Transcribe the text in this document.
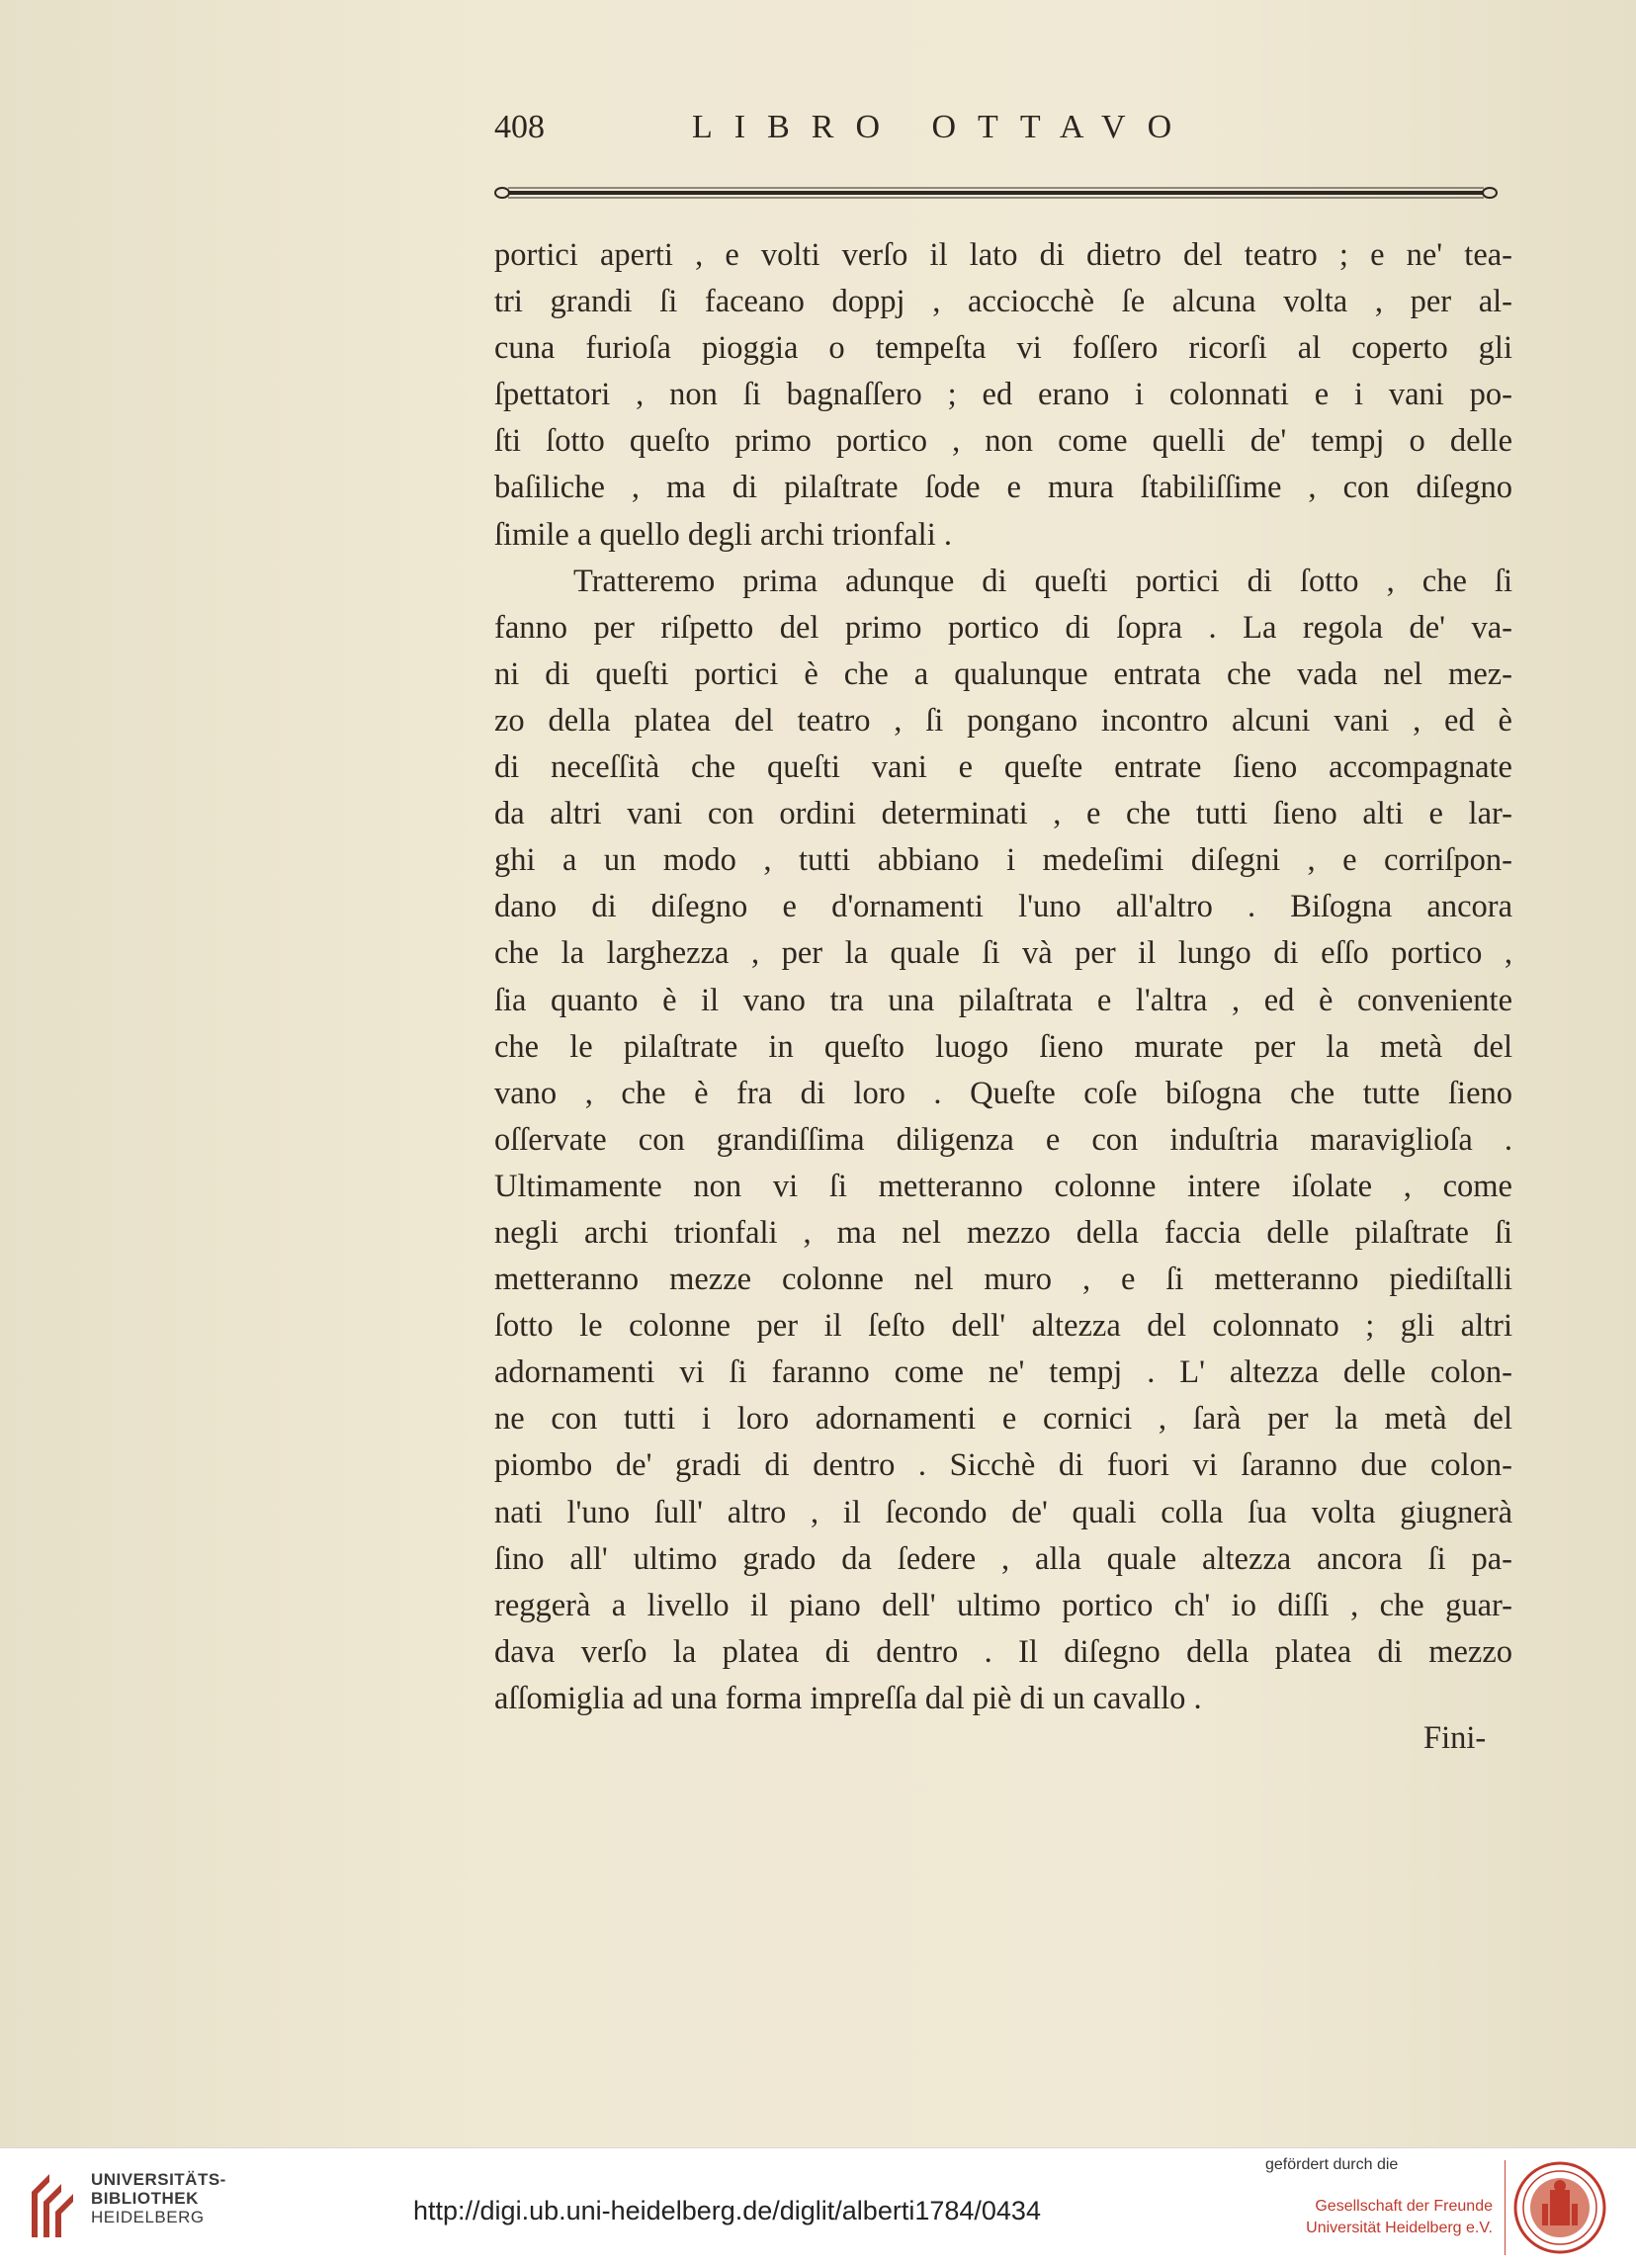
408	LIBRO OTTAVO
portici aperti , e volti verſo il lato di dietro del teatro ; e ne' tea-
tri grandi ſi faceano doppj , acciocchè ſe alcuna volta , per al-
cuna furioſa pioggia o tempeſta vi foſſero ricorſi al coperto gli
ſpettatori , non ſi bagnaſſero ; ed erano i colonnati e i vani po-
ſti ſotto queſto primo portico , non come quelli de' tempj o delle
baſiliche , ma di pilaſtrate ſode e mura ſtabiliſſime , con diſegno
ſimile a quello degli archi trionfali .
Tratteremo prima adunque di queſti portici di ſotto , che ſi
fanno per riſpetto del primo portico di ſopra . La regola de' va-
ni di queſti portici è che a qualunque entrata che vada nel mez-
zo della platea del teatro , ſi pongano incontro alcuni vani , ed è
di neceſſità che queſti vani e queſte entrate ſieno accompagnate
da altri vani con ordini determinati , e che tutti ſieno alti e lar-
ghi a un modo , tutti abbiano i medeſimi diſegni , e corriſpon-
dano di diſegno e d'ornamenti l'uno all'altro . Biſogna ancora
che la larghezza , per la quale ſi và per il lungo di eſſo portico ,
ſia quanto è il vano tra una pilaſtrata e l'altra , ed è conveniente
che le pilaſtrate in queſto luogo ſieno murate per la metà del
vano , che è fra di loro . Queſte coſe biſogna che tutte ſieno
oſſervate con grandiſſima diligenza e con induſtria maraviglioſa .
Ultimamente non vi ſi metteranno colonne intere iſolate , come
negli archi trionfali , ma nel mezzo della faccia delle pilaſtrate ſi
metteranno mezze colonne nel muro , e ſi metteranno piediſtalli
ſotto le colonne per il ſeſto dell' altezza del colonnato ; gli altri
adornamenti vi ſi faranno come ne' tempj . L' altezza delle colon-
ne con tutti i loro adornamenti e cornici , ſarà per la metà del
piombo de' gradi di dentro . Sicchè di fuori vi ſaranno due colon-
nati l'uno ſull' altro , il ſecondo de' quali colla ſua volta giugnerà
ſino all' ultimo grado da ſedere , alla quale altezza ancora ſi pa-
reggerà a livello il piano dell' ultimo portico ch' io diſſi , che guar-
dava verſo la platea di dentro . Il diſegno della platea di mezzo
aſſomiglia ad una forma impreſſa dal piè di un cavallo .
Fini-
UNIVERSITÄTS-
BIBLIOTHEK
HEIDELBERG	http://digi.ub.uni-heidelberg.de/diglit/alberti1784/0434
gefördert durch die
Gesellschaft der Freunde
Universität Heidelberg e.V.
